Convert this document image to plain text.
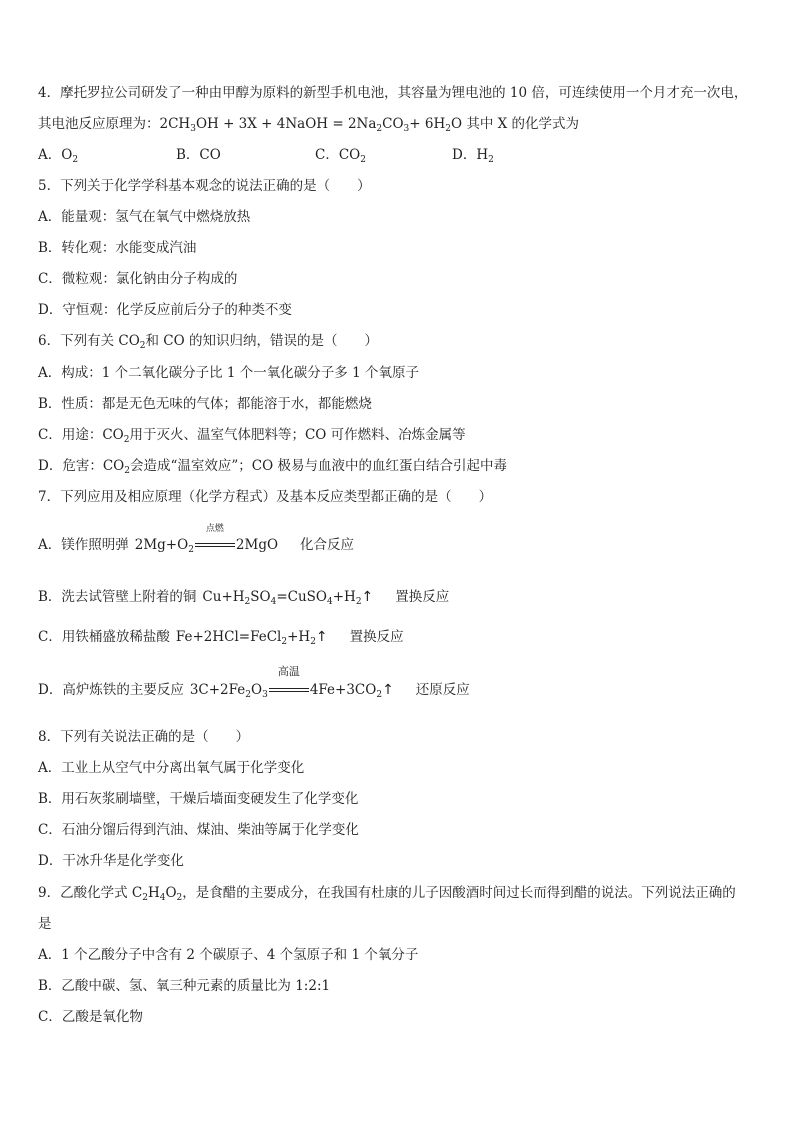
4．摩托罗拉公司研发了一种由甲醇为原料的新型手机电池，其容量为锂电池的 10 倍，可连续使用一个月才充一次电，
其电池反应原理为：$2CH_3OH + 3X$ + 4NaOH = $2Na_2CO_3+ 6H_2O$ 其中 X 的化学式为
A．$O_2$	B．CO	C．$CO_2$	D．$H_2$
5．下列关于化学学科基本观念的说法正确的是（　　）
A．能量观：氢气在氧气中燃烧放热
B．转化观：水能变成汽油
C．微粒观：氯化钠由分子构成的
D．守恒观：化学反应前后分子的种类不变
6．下列有关 $CO_2$和 CO 的知识归纳，错误的是（　　）
A．构成：1 个二氧化碳分子比 1 个一氧化碳分子多 1 个氧原子
B．性质：都是无色无味的气体；都能溶于水，都能燃烧
C．用途：$CO_2$用于灭火、温室气体肥料等；CO 可作燃料、冶炼金属等
D．危害：$CO_2$会造成“温室效应”；CO 极易与血液中的血红蛋白结合引起中毒
7．下列应用及相应原理（化学方程式）及基本反应类型都正确的是（　　）
A．镁作照明弹 $2Mg+O_2$
点燃
2MgO 化合反应
B．洗去试管壁上附着的铜 $Cu+H_2SO_4=CuSO_4+H_2↑$ 置换反应
C．用铁桶盛放稀盐酸 $Fe+2HCl=FeCl_2+H_2↑$ 置换反应
D．高炉炼铁的主要反应 $3C+2Fe_2O_3$
高温
$4Fe+3CO_2↑$ 还原反应
8．下列有关说法正确的是（　　）
A．工业上从空气中分离出氧气属于化学变化
B．用石灰浆刷墙壁，干燥后墙面变硬发生了化学变化
C．石油分馏后得到汽油、煤油、柴油等属于化学变化
D．干冰升华是化学变化
9．乙酸化学式 $C_2H_4O_2$，是食醋的主要成分，在我国有杜康的儿子因酸酒时间过长而得到醋的说法。下列说法正确的
是
A．1 个乙酸分子中含有 2 个碳原子、4 个氢原子和 1 个氧分子
B．乙酸中碳、氢、氧三种元素的质量比为 1:2:1
C．乙酸是氧化物
